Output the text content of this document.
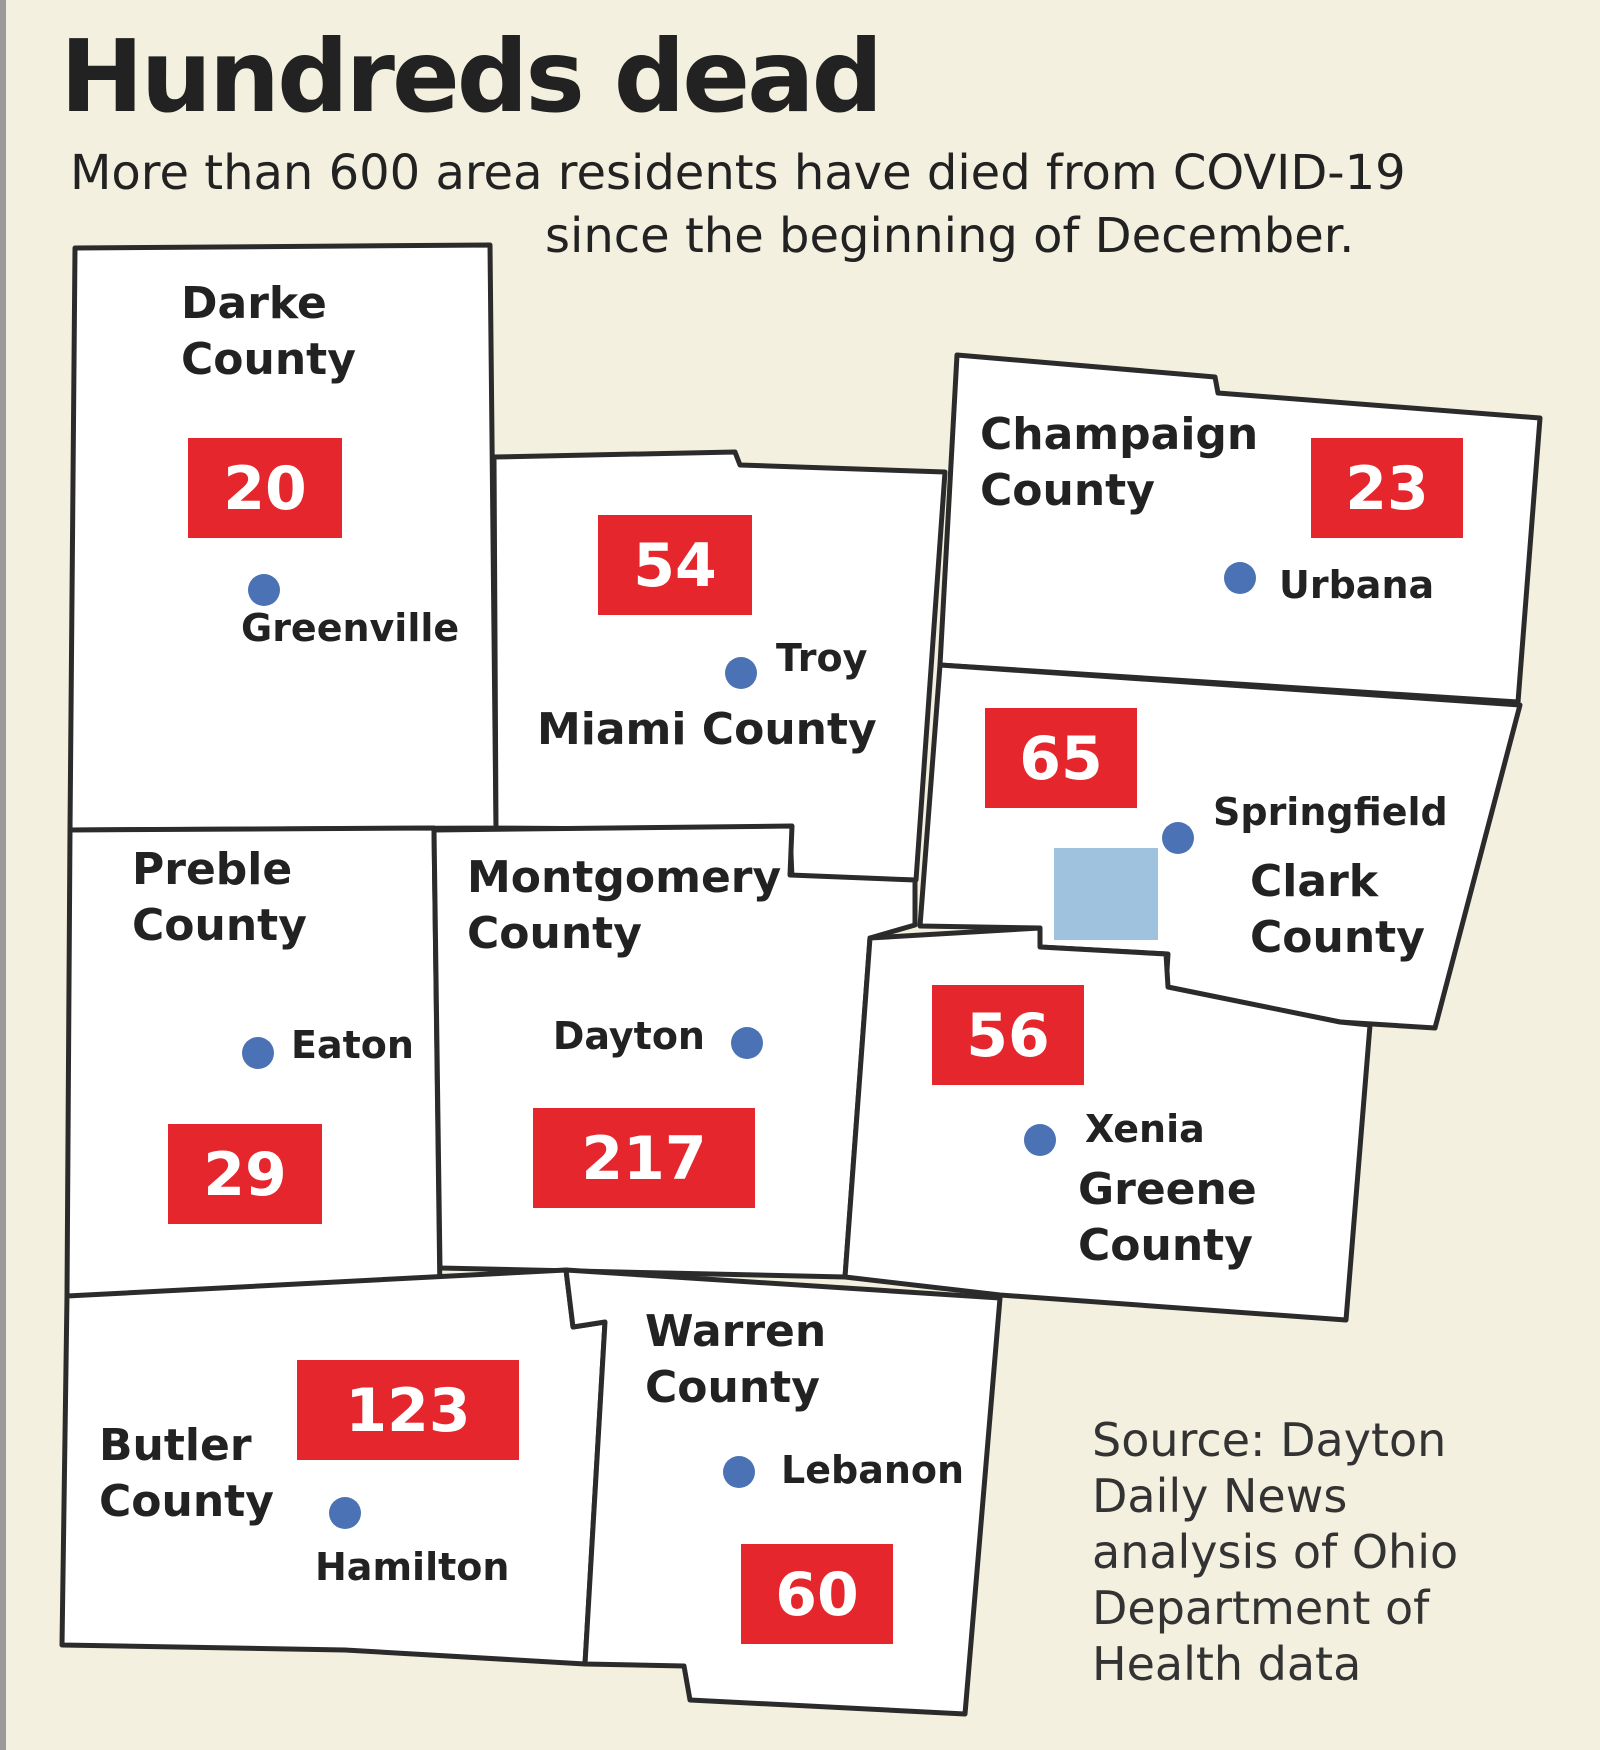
Hundreds dead
More than 600 area residents have died from COVID-19
since the beginning of December.
20
54
23
65
29	217
56
123
60
Greenville
Darke
County
Troy
Miami County
Urbana
Champaign
County
Springfield
Clark
County
Eaton
Preble
County
Dayton
Montgomery
County
Xenia
Greene
County
Hamilton
Butler
County
Lebanon
Warren
County
Source: Dayton
Daily News
analysis of Ohio
Department of
Health data
